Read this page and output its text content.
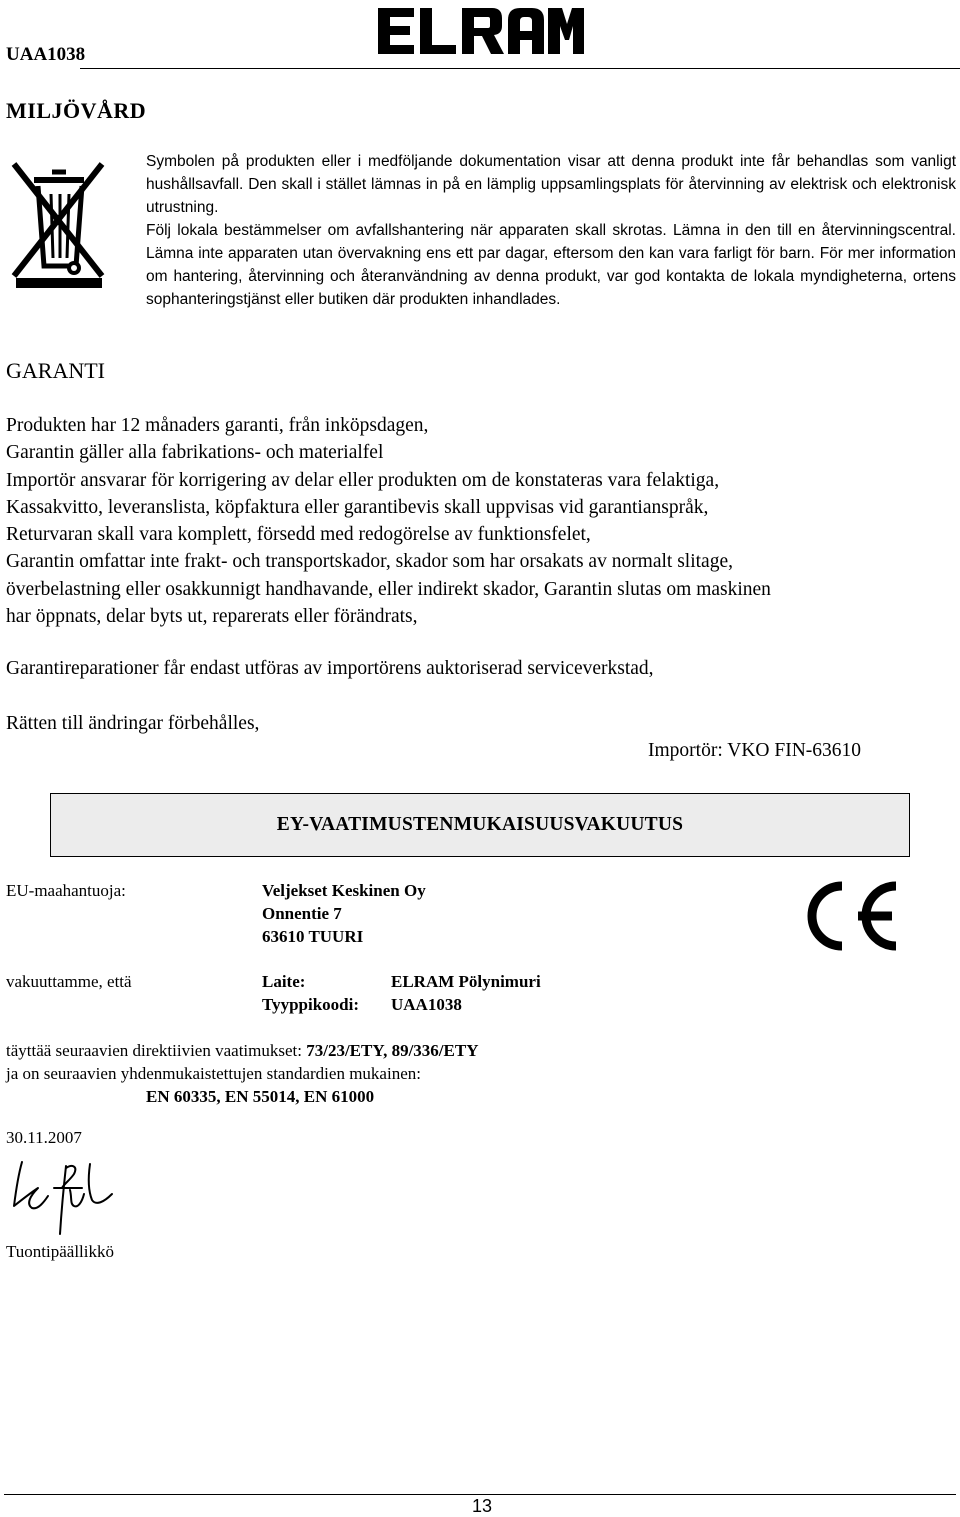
UAA1038
MILJÖVÅRD

Symbolen på produkten eller i medföljande dokumentation visar att denna produkt inte får behandlas som vanligt hushållsavfall. Den skall i stället lämnas in på en lämplig uppsamlingsplats för återvinning av elektrisk och elektronisk utrustning.

Följ lokala bestämmelser om avfallshantering när apparaten skall skrotas. Lämna in den till en återvinningscentral. Lämna inte apparaten utan övervakning ens ett par dagar, eftersom den kan vara farligt för barn. För mer information om hantering, återvinning och återanvändning av denna produkt, var god kontakta de lokala myndigheterna, ortens sophanteringstjänst eller butiken där produkten inhandlades.

GARANTI
Produkten har 12 månaders garanti, från inköpsdagen,
Garantin gäller alla fabrikations- och materialfel
Importör ansvarar för korrigering av delar eller produkten om de konstateras vara felaktiga,
Kassakvitto, leveranslista, köpfaktura eller garantibevis skall uppvisas vid garantianspråk,
Returvaran skall vara komplett, försedd med redogörelse av funktionsfelet,
Garantin omfattar inte frakt- och transportskador, skador som har orsakats av normalt slitage,
överbelastning eller osakkunnigt handhavande, eller indirekt skador, Garantin slutas om maskinen
har öppnats, delar byts ut, reparerats eller förändrats,
Garantireparationer får endast utföras av importörens auktoriserad serviceverkstad,
Rätten till ändringar förbehålles,
Importör: VKO FIN-63610
EY-VAATIMUSTENMUKAISUUSVAKUUTUS
EU-maahantuoja:	Veljekset Keskinen Oy
Onnentie 7
63610 TUURI
vakuuttamme, että	Laite:	ELRAM Pölynimuri
Tyyppikoodi: UAA1038
täyttää seuraavien direktiivien vaatimukset: 73/23/ETY, 89/336/ETY
ja on seuraavien yhdenmukaistettujen standardien mukainen:
EN 60335, EN 55014, EN 61000
30.11.2007
Tuontipäällikkö
13
